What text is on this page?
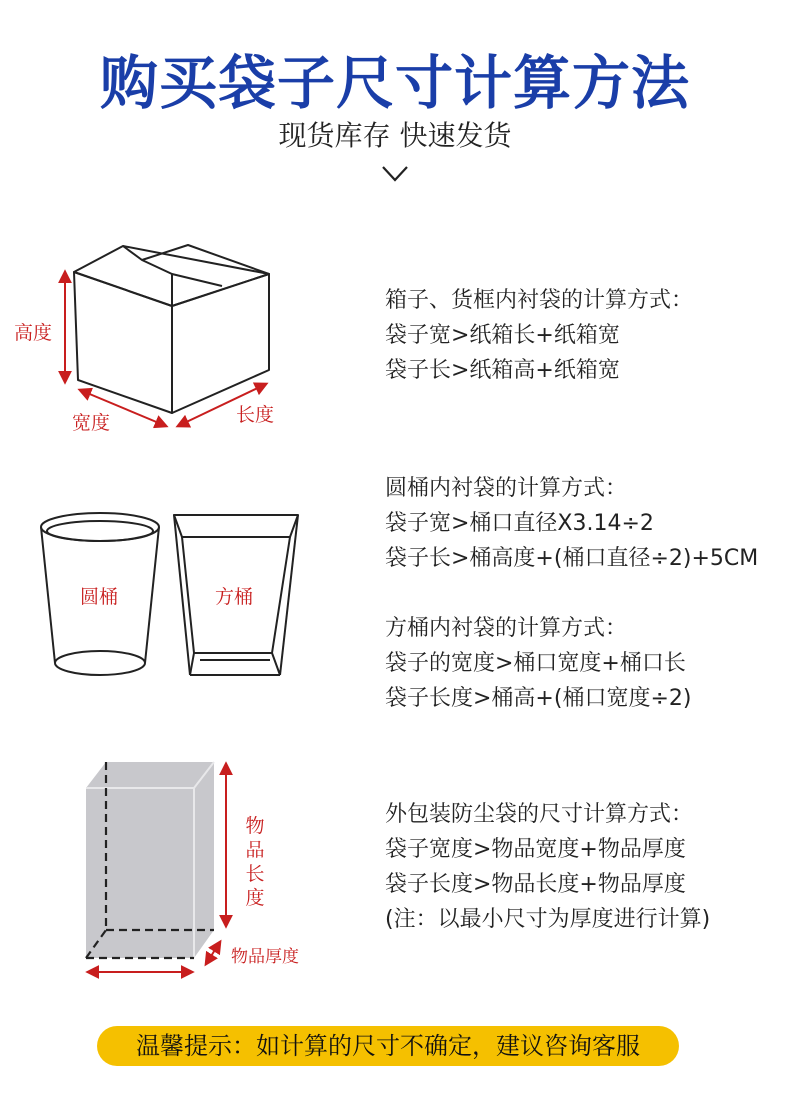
购买袋子尺寸计算方法
现货库存 快速发货
高度
宽度	长度
箱子、货框内衬袋的计算方式：
袋子宽>纸箱长+纸箱宽
袋子长>纸箱高+纸箱宽
圆桶	方桶
圆桶内衬袋的计算方式：
袋子宽>桶口直径X3.14÷2
袋子长>桶高度+(桶口直径÷2)+5CM
方桶内衬袋的计算方式：
袋子的宽度>桶口宽度+桶口长
袋子长度>桶高+(桶口宽度÷2)
物品长度
物品厚度
外包装防尘袋的尺寸计算方式：
袋子宽度>物品宽度+物品厚度
袋子长度>物品长度+物品厚度
(注：以最小尺寸为厚度进行计算)
温馨提示：如计算的尺寸不确定，建议咨询客服
